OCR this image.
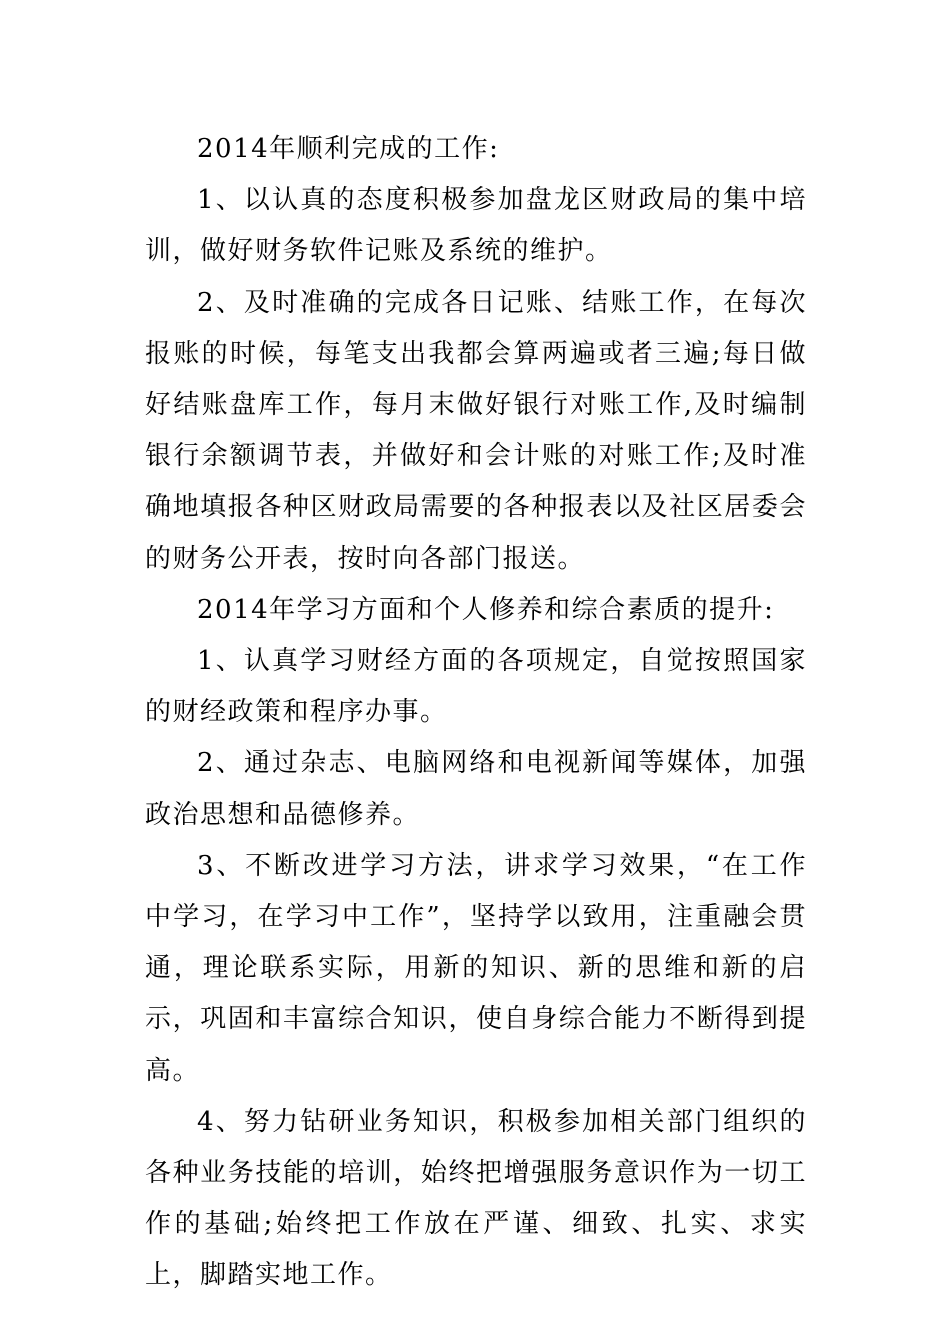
2014年顺利完成的工作:

1、以认真的态度积极参加盘龙区财政局的集中培训，做好财务软件记账及系统的维护。

2、及时准确的完成各日记账、结账工作，在每次报账的时候，每笔支出我都会算两遍或者三遍;每日做好结账盘库工作，每月末做好银行对账工作,及时编制银行余额调节表，并做好和会计账的对账工作;及时准确地填报各种区财政局需要的各种报表以及社区居委会的财务公开表，按时向各部门报送。

2014年学习方面和个人修养和综合素质的提升:

1、认真学习财经方面的各项规定，自觉按照国家的财经政策和程序办事。

2、通过杂志、电脑网络和电视新闻等媒体，加强政治思想和品德修养。

3、不断改进学习方法，讲求学习效果，“在工作中学习，在学习中工作”，坚持学以致用，注重融会贯通，理论联系实际，用新的知识、新的思维和新的启示，巩固和丰富综合知识，使自身综合能力不断得到提高。

4、努力钻研业务知识，积极参加相关部门组织的各种业务技能的培训，始终把增强服务意识作为一切工作的基础;始终把工作放在严谨、细致、扎实、求实上，脚踏实地工作。
